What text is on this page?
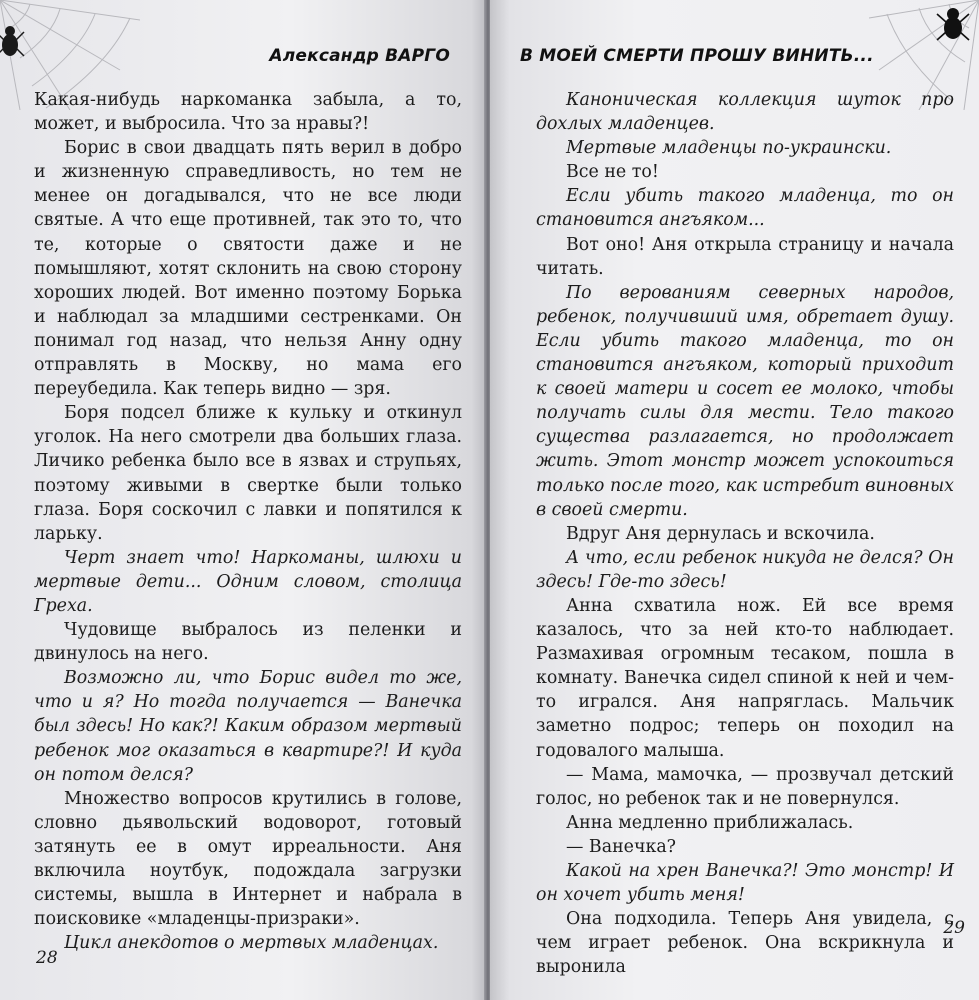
Александр ВАРГО

Какая-нибудь наркоманка забыла, а то, может, и выбросила. Что за нравы?!

Борис в свои двадцать пять верил в добро и жизненную справедливость, но тем не менее он догадывался, что не все люди святые. А что еще противней, так это то, что те, которые о святости даже и не помышляют, хотят склонить на свою сторону хороших людей. Вот именно поэтому Борька и наблюдал за младшими сестренками. Он понимал год назад, что нельзя Анну одну отправлять в Москву, но мама его переубедила. Как теперь видно — зря.

Боря подсел ближе к кульку и откинул уголок. На него смотрели два больших глаза. Личико ребенка было все в язвах и струпьях, поэтому живыми в свертке были только глаза. Боря соскочил с лавки и попятился к ларьку.

Черт знает что! Наркоманы, шлюхи и мертвые дети... Одним словом, столица Греха.

Чудовище выбралось из пеленки и двинулось на него.

Возможно ли, что Борис видел то же, что и я? Но тогда получается — Ванечка был здесь! Но как?! Каким образом мертвый ребенок мог оказаться в квартире?! И куда он потом делся?

Множество вопросов крутились в голове, словно дьявольский водоворот, готовый затянуть ее в омут ирреальности. Аня включила ноутбук, подождала загрузки системы, вышла в Интернет и набрала в поисковике «младенцы-призраки».

Цикл анекдотов о мертвых младенцах.

28
В МОЕЙ СМЕРТИ ПРОШУ ВИНИТЬ...

Каноническая коллекция шуток про дохлых младенцев.

Мертвые младенцы по-украински.

Все не то!

Если убить такого младенца, то он становится ангъяком...

Вот оно! Аня открыла страницу и начала читать.

По верованиям северных народов, ребенок, получивший имя, обретает душу. Если убить такого младенца, то он становится ангъяком, который приходит к своей матери и сосет ее молоко, чтобы получать силы для мести. Тело такого существа разлагается, но продолжает жить. Этот монстр может успокоиться только после того, как истребит виновных в своей смерти.

Вдруг Аня дернулась и вскочила.

А что, если ребенок никуда не делся? Он здесь! Где-то здесь!

Анна схватила нож. Ей все время казалось, что за ней кто-то наблюдает. Размахивая огромным тесаком, пошла в комнату. Ванечка сидел спиной к ней и чем-то игрался. Аня напряглась. Мальчик заметно подрос; теперь он походил на годовалого малыша.

— Мама, мамочка, — прозвучал детский голос, но ребенок так и не повернулся.

Анна медленно приближалась.

— Ванечка?

Какой на хрен Ванечка?! Это монстр! И он хочет убить меня!

Она подходила. Теперь Аня увидела, с чем играет ребенок. Она вскрикнула и выронила

29
